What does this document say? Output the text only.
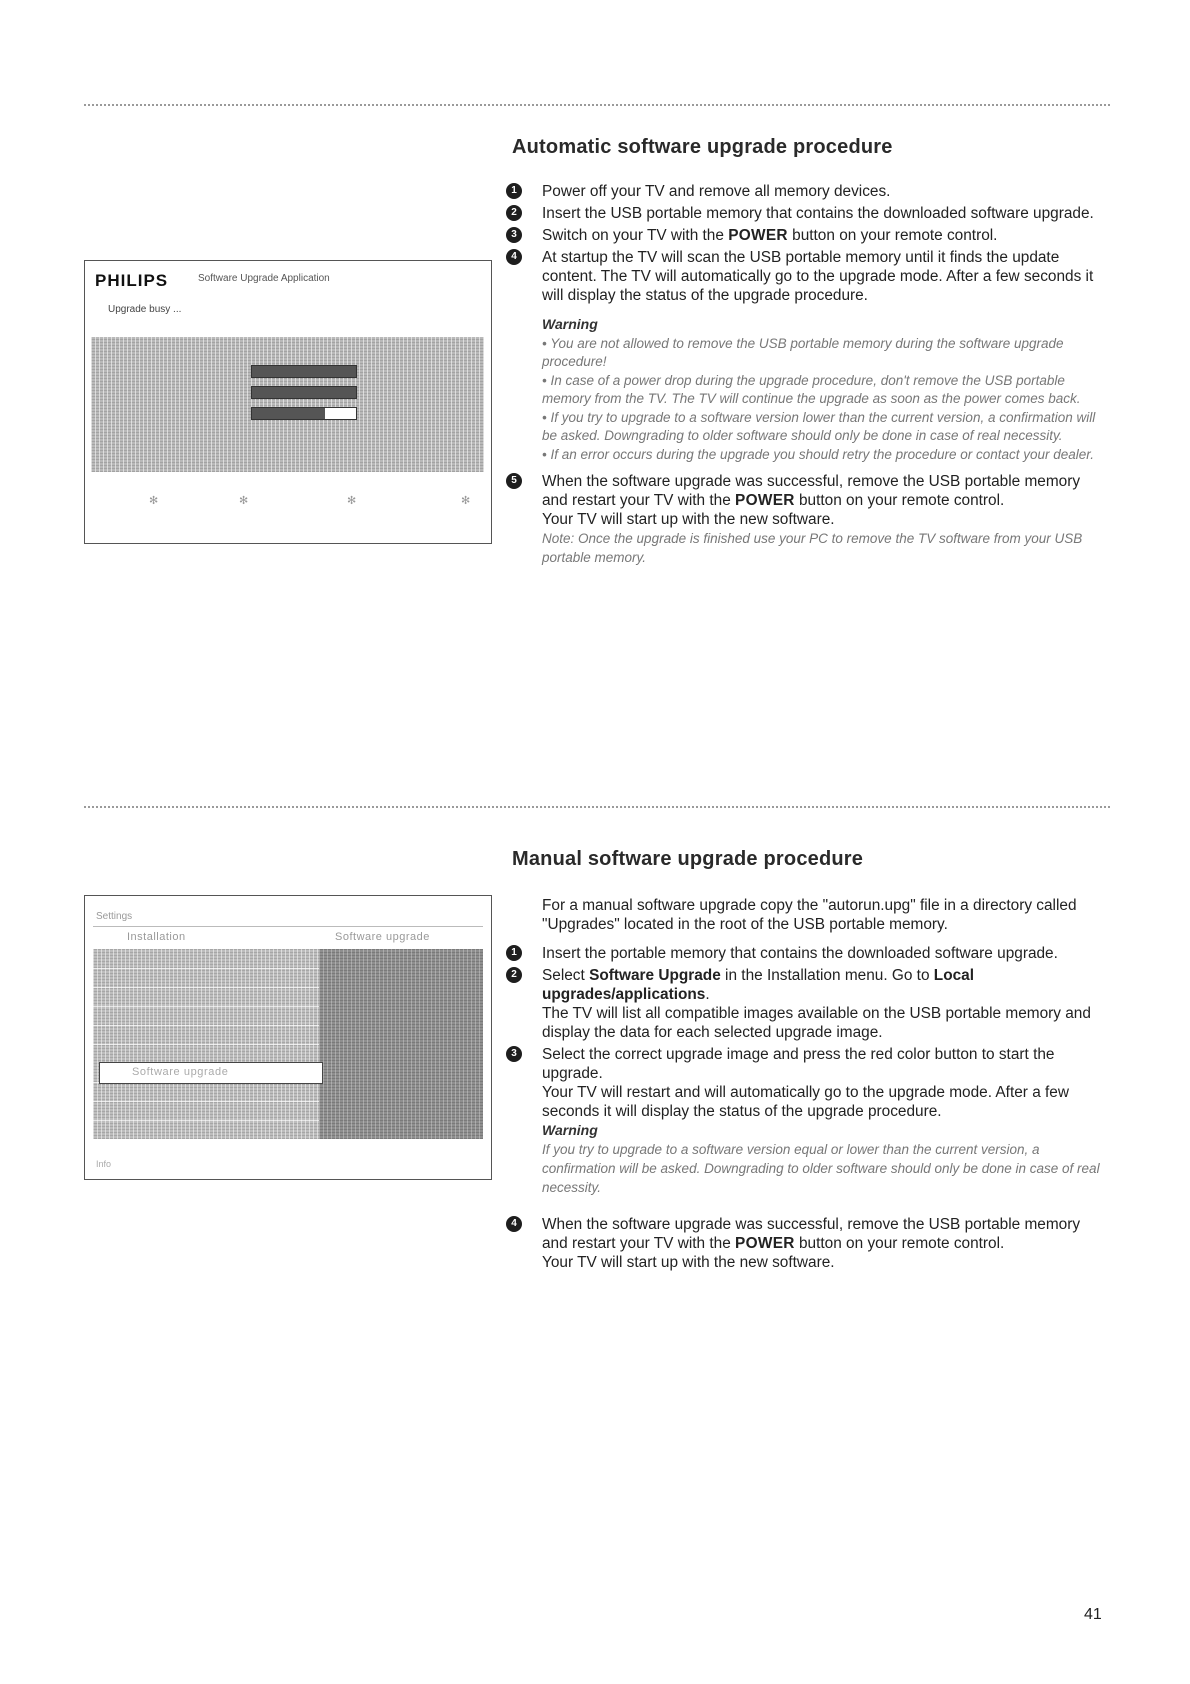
Automatic software upgrade procedure
1	Power off your TV and remove all memory devices.
2	Insert the USB portable memory that contains the downloaded software upgrade.
3	Switch on your TV with the POWER button on your remote control.
4	At startup the TV will scan the USB portable memory until it finds the update content. The TV will automatically go to the upgrade mode. After a few seconds it will display the status of the upgrade procedure.
Warning
• You are not allowed to remove the USB portable memory during the software upgrade procedure!
• In case of a power drop during the upgrade procedure, don't remove the USB portable memory from the TV. The TV will continue the upgrade as soon as the power comes back.
• If you try to upgrade to a software version lower than the current version, a confirmation will be asked. Downgrading to older software should only be done in case of real necessity.
• If an error occurs during the upgrade you should retry the procedure or contact your dealer.
5	When the software upgrade was successful, remove the USB portable memory and restart your TV with the POWER button on your remote control.
Your TV will start up with the new software.
Note: Once the upgrade is finished use your PC to remove the TV software from your USB portable memory.
PHILIPS	Software Upgrade Application
Upgrade busy ...
✻	✻	✻	✻
Manual software upgrade procedure

For a manual software upgrade copy the "autorun.upg" file in a directory called "Upgrades" located in the root of the USB portable memory.

1	Insert the portable memory that contains the downloaded software upgrade.
2	Select Software Upgrade in the Installation menu. Go to Local upgrades/applications.
The TV will list all compatible images available on the USB portable memory and display the data for each selected upgrade image.
3	Select the correct upgrade image and press the red color button to start the upgrade.
Your TV will restart and will automatically go to the upgrade mode. After a few seconds it will display the status of the upgrade procedure.
Warning
If you try to upgrade to a software version equal or lower than the current version, a confirmation will be asked. Downgrading to older software should only be done in case of real necessity.
4	When the software upgrade was successful, remove the USB portable memory and restart your TV with the POWER button on your remote control.
Your TV will start up with the new software.
Settings
Installation	Software upgrade
Software upgrade
Info
41
